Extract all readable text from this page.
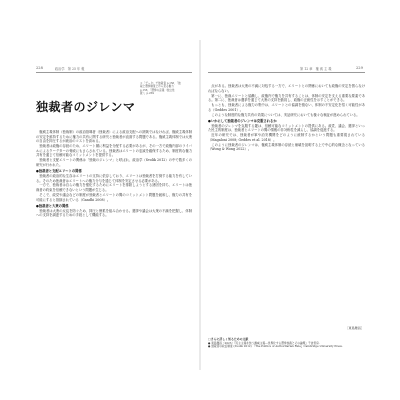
228	政治学　第 25 年 報	第 12 章　権 威 主 義	229
独裁者のジレンマ
＊「データ」で独裁者 p.156、「独
裁と選挙制度とから見る権力
p.156、「選挙の意義（独立性
統）」p.259

権威主義体制（独裁制）の政治指導者（独裁者）による政治支配への挑戦ではなければ、権威主義体制の安定を維持するために権力の共有に関する研究と独裁者が直面する問題である。権威主義体制では大衆の自由を抑圧するが統治のコストを高める。

独裁者は政権の存続のため、エリート層に利益を分配する必要があるが、その一方で政権内部のライバルによるクーデターの脅威にもさらされている。独裁者はエリートの忠誠を確保するため、制度的な権力共有を通じて信頼可能なコミットメントを提供する。

独裁者と支配エリートの関係は「独裁のジレンマ」と呼ばれ、政治学（Svolik 2012）の中で数多くの研究が行われた。

●独裁者と支配エリートの関係

独裁者の政治的な生存はエリートの支持に依存しており、エリートは独裁者を打倒する能力を有している。そのため独裁者はエリートへの権力分与を通じて体制を安定させる必要がある。

一方で、独裁者は自らの権力を強化するためにエリートを排除しようとする誘因を持ち、エリートは独裁者の約束を信頼できないという問題が生じる。

そこで、政党や議会などの制度が独裁者とエリートの間のコミットメント問題を緩和し、権力の共有を可能にすると指摘されている（Gandhi 2008）。

●独裁者と大衆の関係

独裁者は大衆の反乱を防ぐため、抑圧と懐柔を組み合わせる。選挙や議会は大衆の不満を把握し、体制への支持を調達するための手段として機能する。

点がある。独裁者は大衆の不満に対処する一方で、エリートとの関係においても政権の安定を図らなければならない。

第一に、独裁エリートと協働し、政権内で権力を共有することは、体制の安定を支える重要な要素である。第二に、独裁者は選挙を通じて大衆の支持を動員し、政権の正統性を示すことができる。

もっとも、独裁者による権力の集中は、エリートとの協調を損ない、体制の不安定化を招く可能性がある（Geddes 2001）。

このような制度的な権力共有の効果については、実証研究においても様々な検証が進められている。

●いかにして独裁者のジレンマは克服されるか

独裁者のジレンマを克服する鍵は、信頼可能なコミットメントの提供にある。政党、議会、選挙といった民主的制度は、独裁者とエリートの間の情報の非対称性を減らし、協調を促進する。

近年の研究では、独裁者が軍や治安機関をどのように統制するかという問題も重要視されている（Magaloni 2008; Geddes et al. 2018）。

このように独裁者のジレンマは、権威主義体制の存続と崩壊を説明する上で中心的な概念となっている（Wong & Wong 2022）。

［東島雅昌］
□さらに詳しく知るための文献
● 東島雅昌（2023）『民主主義を装う権威主義―世界化する選挙独裁とその論理』千倉書房.
● 独裁者の政治制度 (Svolik 2012) 『The Politics of Authoritarian Rule』Cambridge University Press.
